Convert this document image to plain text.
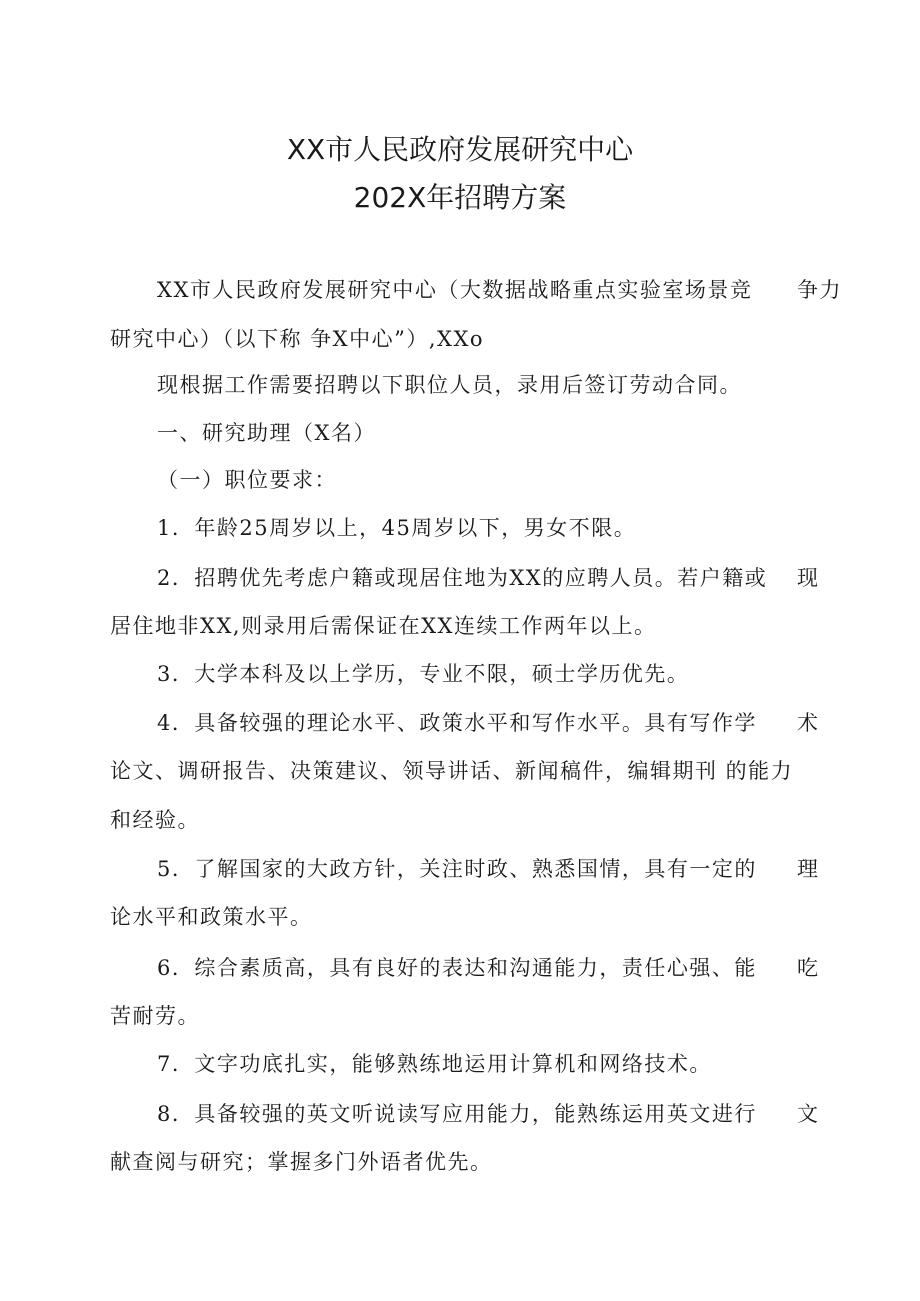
XX市人民政府发展研究中心
202X年招聘方案
XX市人民政府发展研究中心（大数据战略重点实验室场景竞 争力
研究中心）（以下称 争X中心”）,XXo
现根据工作需要招聘以下职位人员，录用后签订劳动合同。
一、研究助理（X名）
（一）职位要求：
1．年龄25周岁以上，45周岁以下，男女不限。
2．招聘优先考虑户籍或现居住地为XX的应聘人员。若户籍或 现
居住地非XX,则录用后需保证在XX连续工作两年以上。
3．大学本科及以上学历，专业不限，硕士学历优先。
4．具备较强的理论水平、政策水平和写作水平。具有写作学 术
论文、调研报告、决策建议、领导讲话、新闻稿件，编辑期刊 的能力
和经验。
5．了解国家的大政方针，关注时政、熟悉国情，具有一定的 理
论水平和政策水平。
6．综合素质高，具有良好的表达和沟通能力，责任心强、能 吃
苦耐劳。
7．文字功底扎实，能够熟练地运用计算机和网络技术。
8．具备较强的英文听说读写应用能力，能熟练运用英文进行 文
献查阅与研究；掌握多门外语者优先。
